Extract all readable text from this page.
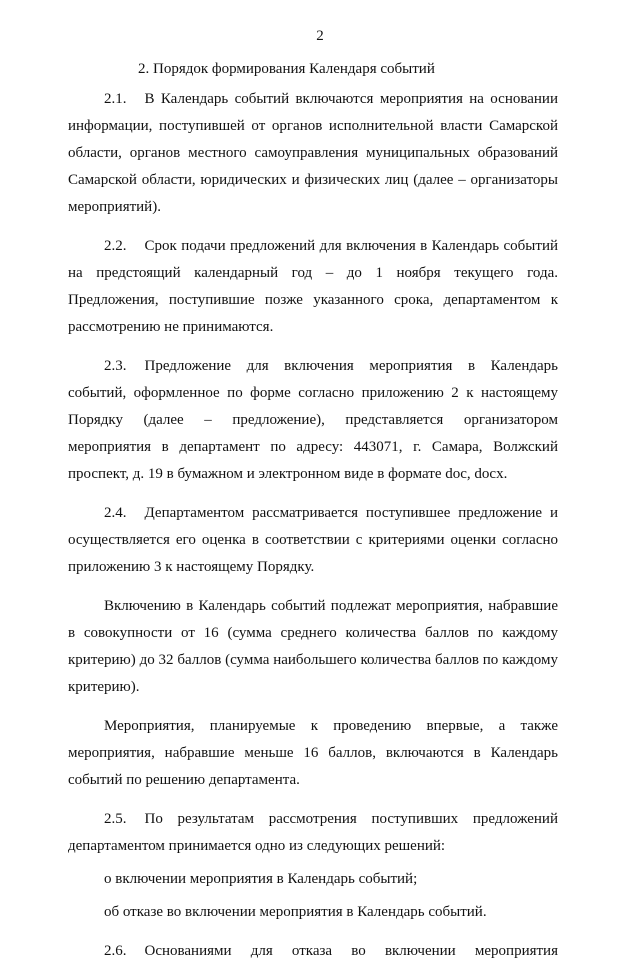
2

2. Порядок формирования Календаря событий

2.1. В Календарь событий включаются мероприятия на основании информации, поступившей от органов исполнительной власти Самарской области, органов местного самоуправления муниципальных образований Самарской области, юридических и физических лиц (далее – организаторы мероприятий).

2.2. Срок подачи предложений для включения в Календарь событий на предстоящий календарный год – до 1 ноября текущего года. Предложения, поступившие позже указанного срока, департаментом к рассмотрению не принимаются.

2.3. Предложение для включения мероприятия в Календарь событий, оформленное по форме согласно приложению 2 к настоящему Порядку (далее – предложение), представляется организатором мероприятия в департамент по адресу: 443071, г. Самара, Волжский проспект, д. 19 в бумажном и электронном виде в формате doc, docx.

2.4. Департаментом рассматривается поступившее предложение и осуществляется его оценка в соответствии с критериями оценки согласно приложению 3 к настоящему Порядку.

Включению в Календарь событий подлежат мероприятия, набравшие в совокупности от 16 (сумма среднего количества баллов по каждому критерию) до 32 баллов (сумма наибольшего количества баллов по каждому критерию).

Мероприятия, планируемые к проведению впервые, а также мероприятия, набравшие меньше 16 баллов, включаются в Календарь событий по решению департамента.

2.5. По результатам рассмотрения поступивших предложений департаментом принимается одно из следующих решений:

о включении мероприятия в Календарь событий;

об отказе во включении мероприятия в Календарь событий.

2.6. Основаниями для отказа во включении мероприятия
